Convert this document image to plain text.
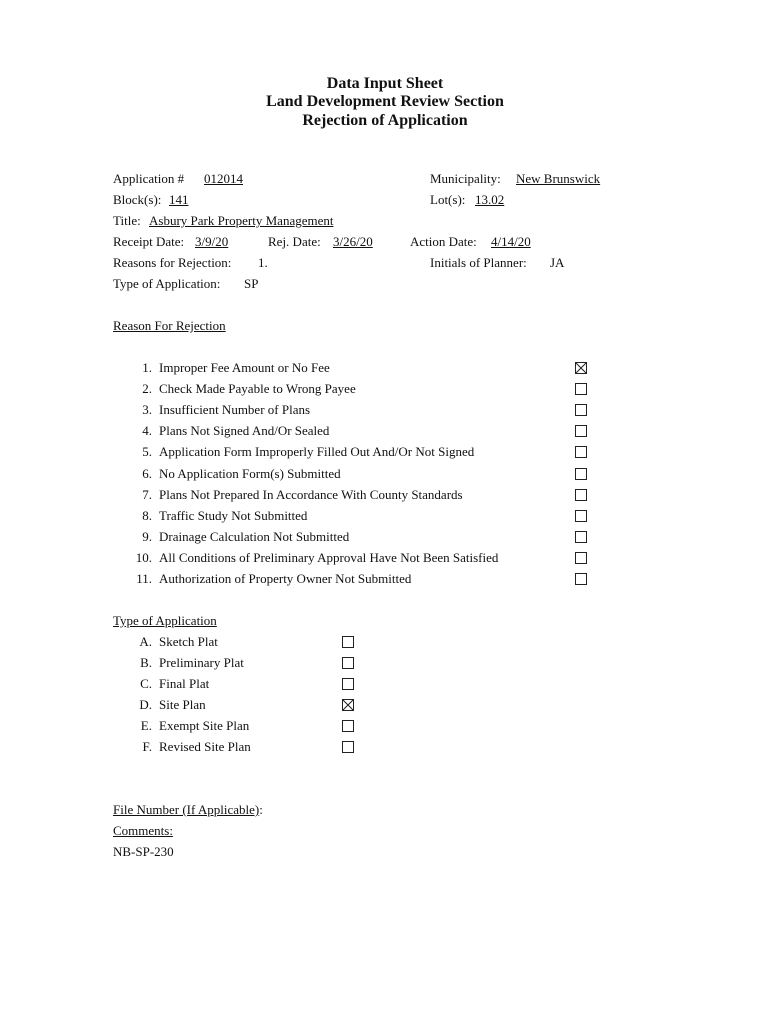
Data Input Sheet
Land Development Review Section
Rejection of Application
Application # 012014	Municipality: New Brunswick
Block(s): 141	Lot(s): 13.02
Title: Asbury Park Property Management
Receipt Date: 3/9/20	Rej. Date: 3/26/20	Action Date: 4/14/20
Reasons for Rejection: 1.	Initials of Planner: JA
Type of Application: SP
Reason For Rejection
1. Improper Fee Amount or No Fee
2. Check Made Payable to Wrong Payee
3. Insufficient Number of Plans
4. Plans Not Signed And/Or Sealed
5. Application Form Improperly Filled Out And/Or Not Signed
6. No Application Form(s) Submitted
7. Plans Not Prepared In Accordance With County Standards
8. Traffic Study Not Submitted
9. Drainage Calculation Not Submitted
10. All Conditions of Preliminary Approval Have Not Been Satisfied
11. Authorization of Property Owner Not Submitted
Type of Application
A. Sketch Plat
B. Preliminary Plat
C. Final Plat
D. Site Plan
E. Exempt Site Plan
F. Revised Site Plan
File Number (If Applicable):
Comments:
NB-SP-230
